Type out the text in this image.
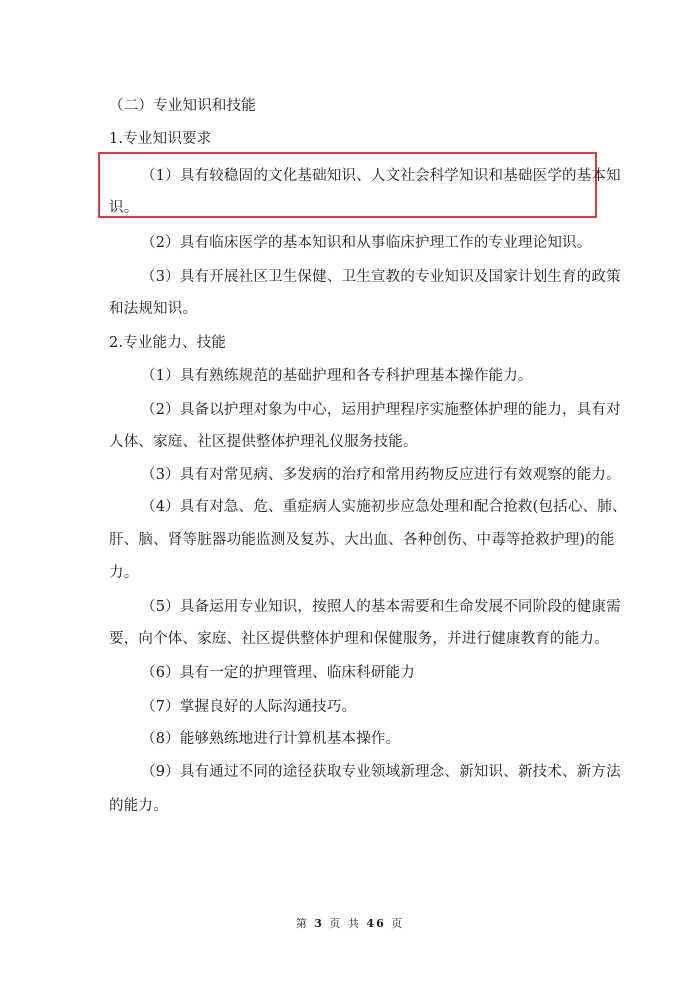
（二）专业知识和技能
1.专业知识要求
（1）具有较稳固的文化基础知识、人文社会科学知识和基础医学的基本知
识。
（2）具有临床医学的基本知识和从事临床护理工作的专业理论知识。
（3）具有开展社区卫生保健、卫生宣教的专业知识及国家计划生育的政策
和法规知识。
2.专业能力、技能
（1）具有熟练规范的基础护理和各专科护理基本操作能力。
（2）具备以护理对象为中心，运用护理程序实施整体护理的能力，具有对
人体、家庭、社区提供整体护理礼仪服务技能。
（3）具有对常见病、多发病的治疗和常用药物反应进行有效观察的能力。
（4）具有对急、危、重症病人实施初步应急处理和配合抢救(包括心、肺、
肝、脑、肾等脏器功能监测及复苏、大出血、各种创伤、中毒等抢救护理)的能
力。
（5）具备运用专业知识，按照人的基本需要和生命发展不同阶段的健康需
要，向个体、家庭、社区提供整体护理和保健服务，并进行健康教育的能力。
（6）具有一定的护理管理、临床科研能力
（7）掌握良好的人际沟通技巧。
（8）能够熟练地进行计算机基本操作。
（9）具有通过不同的途径获取专业领域新理念、新知识、新技术、新方法
的能力。
第 3 页 共 46 页
